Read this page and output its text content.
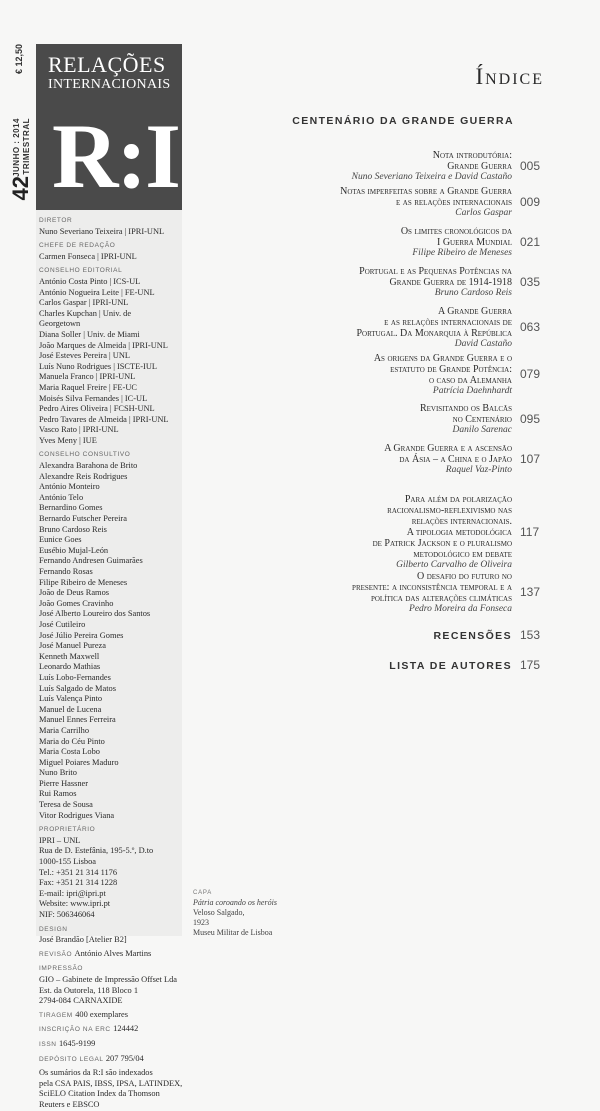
€ 12,50
JUNHO : 2014 TRIMESTRAL
42
RELAÇÕES
INTERNACIONAIS
R:I
DIRETOR
Nuno Severiano Teixeira | IPRI-UNL
CHEFE DE REDAÇÃO
Carmen Fonseca | IPRI-UNL
CONSELHO EDITORIAL
António Costa Pinto | ICS-UL
António Nogueira Leite | FE-UNL
Carlos Gaspar | IPRI-UNL
Charles Kupchan | Univ. de
Georgetown
Diana Soller | Univ. de Miami
João Marques de Almeida | IPRI-UNL
José Esteves Pereira | UNL
Luís Nuno Rodrigues | ISCTE-IUL
Manuela Franco | IPRI-UNL
Maria Raquel Freire | FE-UC
Moisés Silva Fernandes | IC-UL
Pedro Aires Oliveira | FCSH-UNL
Pedro Tavares de Almeida | IPRI-UNL
Vasco Rato | IPRI-UNL
Yves Meny | IUE
CONSELHO CONSULTIVO
Alexandra Barahona de Brito
Alexandre Reis Rodrigues
António Monteiro
António Telo
Bernardino Gomes
Bernardo Futscher Pereira
Bruno Cardoso Reis
Eunice Goes
Eusébio Mujal-León
Fernando Andresen Guimarães
Fernando Rosas
Filipe Ribeiro de Meneses
João de Deus Ramos
João Gomes Cravinho
José Alberto Loureiro dos Santos
José Cutileiro
José Júlio Pereira Gomes
José Manuel Pureza
Kenneth Maxwell
Leonardo Mathias
Luís Lobo-Fernandes
Luís Salgado de Matos
Luís Valença Pinto
Manuel de Lucena
Manuel Ennes Ferreira
Maria Carrilho
Maria do Céu Pinto
Maria Costa Lobo
Miguel Poiares Maduro
Nuno Brito
Pierre Hassner
Rui Ramos
Teresa de Sousa
Vitor Rodrigues Viana
PROPRIETÁRIO
IPRI – UNL
Rua de D. Estefânia, 195-5.º, D.to
1000-155 Lisboa
Tel.: +351 21 314 1176
Fax: +351 21 314 1228
E-mail: ipri@ipri.pt
Website: www.ipri.pt
NIF: 506346064
DESIGN
José Brandão [Atelier B2]
REVISÃO António Alves Martins
IMPRESSÃO
GIO – Gabinete de Impressão Offset Lda
Est. da Outorela, 118 Bloco 1
2794-084 CARNAXIDE
TIRAGEM 400 exemplares
INSCRIÇÃO NA ERC 124442
ISSN 1645-9199
DEPÓSITO LEGAL 207 795/04
Os sumários da R:I são indexados
pela CSA PAIS, IBSS, IPSA, LATINDEX,
SciELO Citation Index da Thomson
Reuters e EBSCO
CAPA
Pátria coroando os heróis
Veloso Salgado,
1923
Museu Militar de Lisboa
Índice
CENTENÁRIO DA GRANDE GUERRA
Nota introdutória:
Grande Guerra
Nuno Severiano Teixeira e David Castaño
005
Notas imperfeitas sobre a Grande Guerra
e as relações internacionais
Carlos Gaspar
009
Os limites cronológicos da
I Guerra Mundial
Filipe Ribeiro de Meneses
021
Portugal e as Pequenas Potências na
Grande Guerra de 1914-1918
Bruno Cardoso Reis
035
A Grande Guerra
e as relações internacionais de
Portugal. Da Monarquia à República
David Castaño
063
As origens da Grande Guerra e o
estatuto de Grande Potência:
o caso da Alemanha
Patrícia Daehnhardt
079
Revisitando os Balcãs
no Centenário
Danilo Sarenac
095
A Grande Guerra e a ascensão
da Ásia – a China e o Japão
Raquel Vaz-Pinto
107
Para além da polarização
racionalismo-reflexivismo nas
relações internacionais.
A tipologia metodológica
de Patrick Jackson e o pluralismo
metodológico em debate
Gilberto Carvalho de Oliveira
117
O desafio do futuro no
presente: a inconsistência temporal e a
política das alterações climáticas
Pedro Moreira da Fonseca
137
RECENSÕES 153
LISTA DE AUTORES 175
